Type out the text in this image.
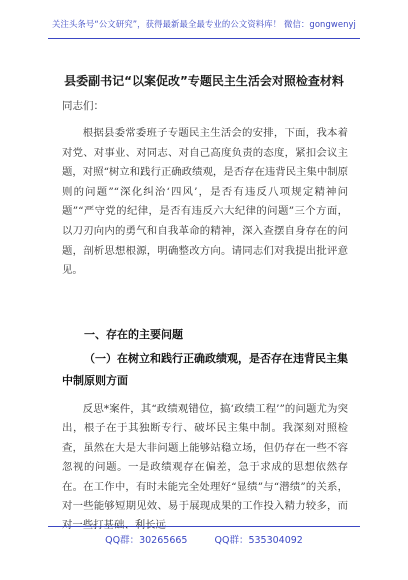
关注头条号“公文研究”，获得最新最全最专业的公文资料库！ 微信：gongwenyj
县委副书记“以案促改”专题民主生活会对照检查材料
同志们：

根据县委常委班子专题民主生活会的安排，下面，我本着对党、对事业、对同志、对自己高度负责的态度，紧扣会议主题，对照“树立和践行正确政绩观，是否存在违背民主集中制原则的问题”“深化纠治‘四风’，是否有违反八项规定精神问题”“严守党的纪律，是否有违反六大纪律的问题”三个方面，以刀刃向内的勇气和自我革命的精神，深入查摆自身存在的问题，剖析思想根源，明确整改方向。请同志们对我提出批评意见。

一、存在的主要问题
（一）在树立和践行正确政绩观，是否存在违背民主集中制原则方面

反思*案件，其“政绩观错位，搞‘政绩工程’”的问题尤为突出，根子在于其独断专行、破坏民主集中制。我深刻对照检查，虽然在大是大非问题上能够站稳立场，但仍存在一些不容忽视的问题。一是政绩观存在偏差，急于求成的思想依然存在。在工作中，有时未能完全处理好“显绩”与“潜绩”的关系，对一些能够短期见效、易于展现成果的工作投入精力较多，而对一些打基础、利长远

QQ群：30265665	QQ群：535304092
